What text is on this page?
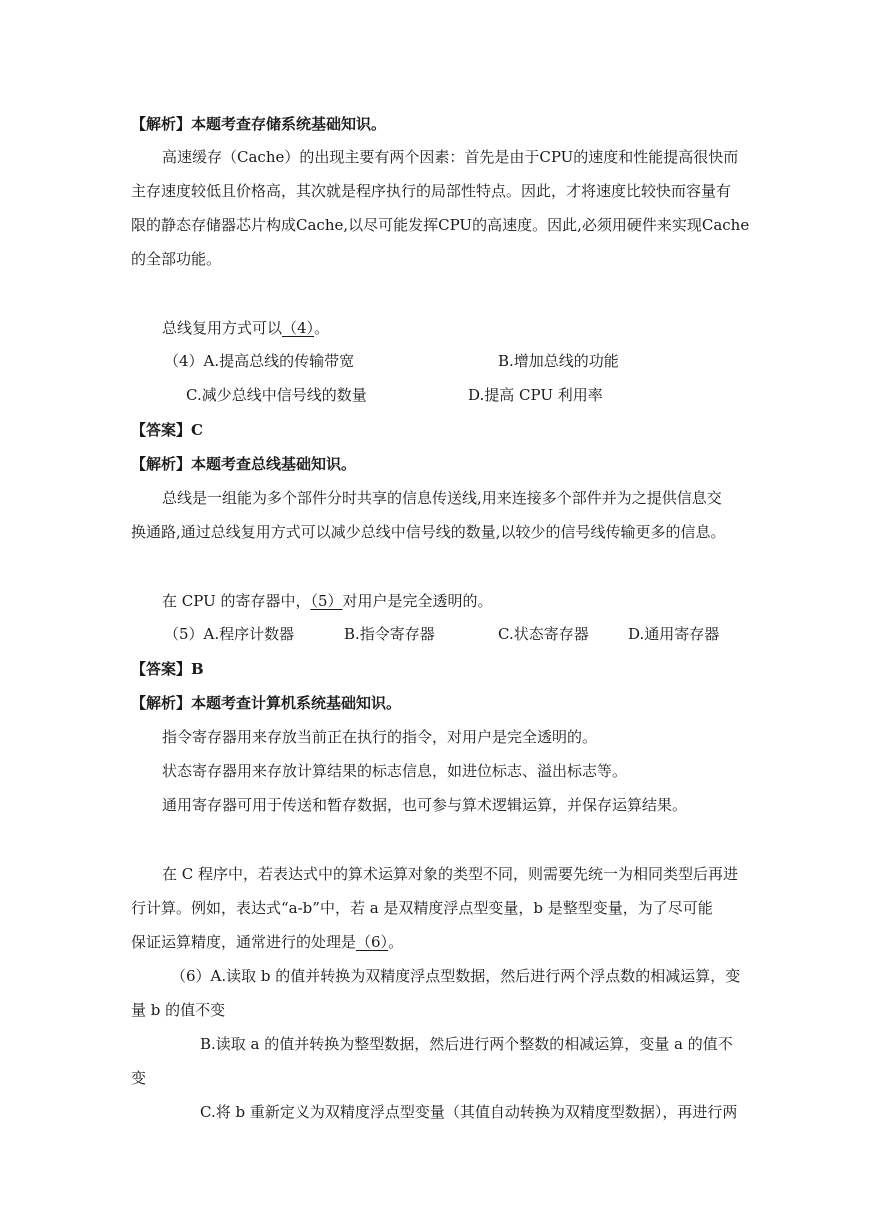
【解析】本题考查存储系统基础知识。
高速缓存（Cache）的出现主要有两个因素：首先是由于CPU的速度和性能提高很快而
主存速度较低且价格高，其次就是程序执行的局部性特点。因此，才将速度比较快而容量有
限的静态存储器芯片构成Cache,以尽可能发挥CPU的高速度。因此,必须用硬件来实现Cache
的全部功能。
总线复用方式可以（4）。
（4）A.提高总线的传输带宽	B.增加总线的功能
C.减少总线中信号线的数量	D.提高 CPU 利用率
【答案】C
【解析】本题考查总线基础知识。
总线是一组能为多个部件分时共享的信息传送线,用来连接多个部件并为之提供信息交
换通路,通过总线复用方式可以减少总线中信号线的数量,以较少的信号线传输更多的信息。
在 CPU 的寄存器中，（5）对用户是完全透明的。
（5）A.程序计数器	B.指令寄存器	C.状态寄存器	D.通用寄存器
【答案】B
【解析】本题考查计算机系统基础知识。
指令寄存器用来存放当前正在执行的指令，对用户是完全透明的。
状态寄存器用来存放计算结果的标志信息，如进位标志、溢出标志等。
通用寄存器可用于传送和暂存数据，也可参与算术逻辑运算，并保存运算结果。
在 C 程序中，若表达式中的算术运算对象的类型不同，则需要先统一为相同类型后再进
行计算。例如，表达式“a-b”中，若 a 是双精度浮点型变量，b 是整型变量，为了尽可能
保证运算精度，通常进行的处理是（6）。
（6）A.读取 b 的值并转换为双精度浮点型数据，然后进行两个浮点数的相减运算，变
量 b 的值不变
B.读取 a 的值并转换为整型数据，然后进行两个整数的相减运算，变量 a 的值不
变
C.将 b 重新定义为双精度浮点型变量（其值自动转换为双精度型数据），再进行两
